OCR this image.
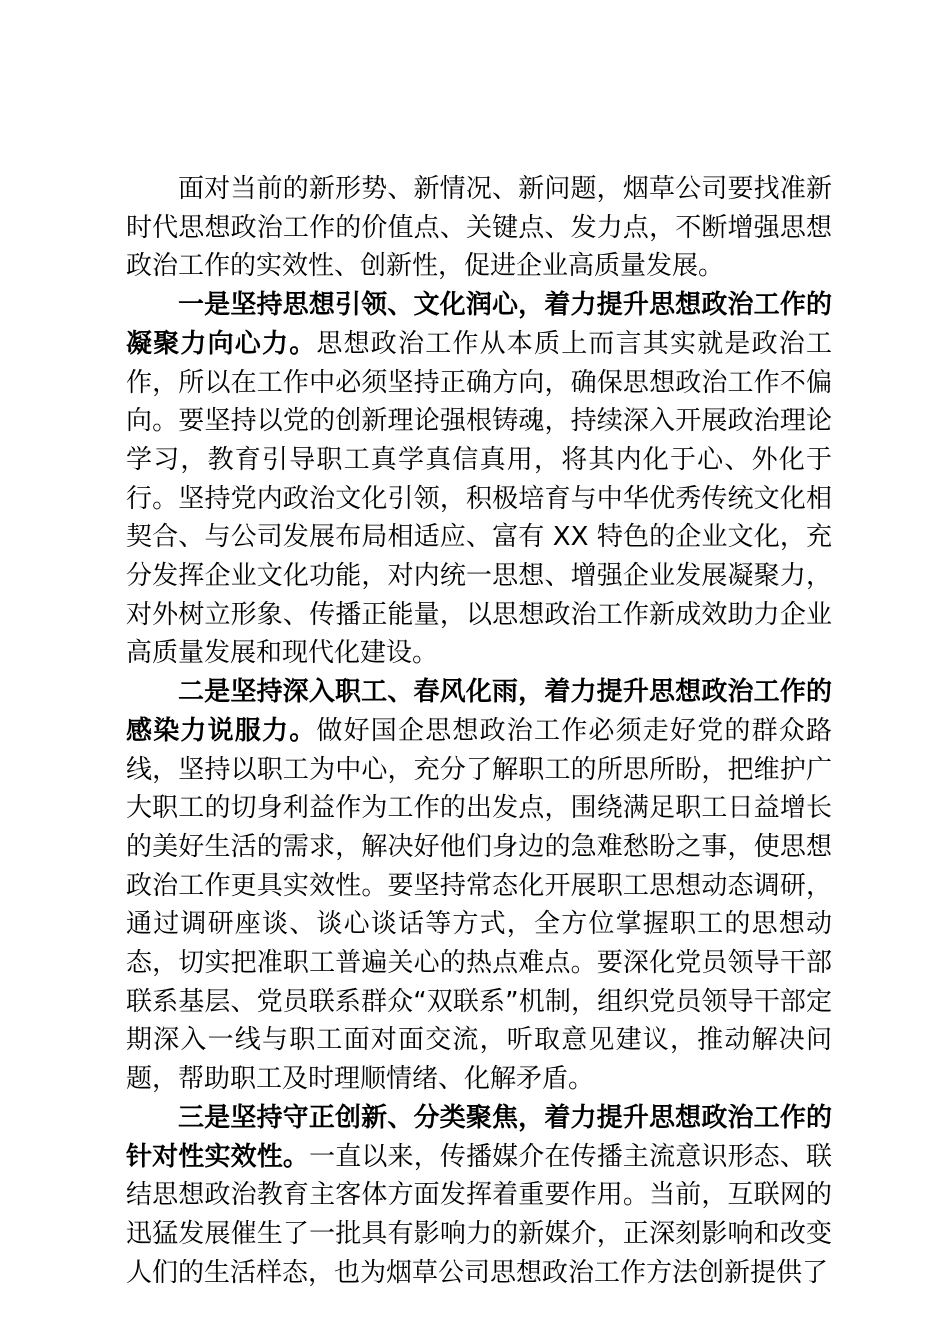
面对当前的新形势、新情况、新问题，烟草公司要找准新时代思想政治工作的价值点、关键点、发力点，不断增强思想政治工作的实效性、创新性，促进企业高质量发展。

一是坚持思想引领、文化润心，着力提升思想政治工作的凝聚力向心力。思想政治工作从本质上而言其实就是政治工作，所以在工作中必须坚持正确方向，确保思想政治工作不偏向。要坚持以党的创新理论强根铸魂，持续深入开展政治理论学习，教育引导职工真学真信真用，将其内化于心、外化于行。坚持党内政治文化引领，积极培育与中华优秀传统文化相契合、与公司发展布局相适应、富有 XX 特色的企业文化，充分发挥企业文化功能，对内统一思想、增强企业发展凝聚力，对外树立形象、传播正能量，以思想政治工作新成效助力企业高质量发展和现代化建设。

二是坚持深入职工、春风化雨，着力提升思想政治工作的感染力说服力。做好国企思想政治工作必须走好党的群众路线，坚持以职工为中心，充分了解职工的所思所盼，把维护广大职工的切身利益作为工作的出发点，围绕满足职工日益增长的美好生活的需求，解决好他们身边的急难愁盼之事，使思想政治工作更具实效性。要坚持常态化开展职工思想动态调研，通过调研座谈、谈心谈话等方式，全方位掌握职工的思想动态，切实把准职工普遍关心的热点难点。要深化党员领导干部联系基层、党员联系群众“双联系”机制，组织党员领导干部定期深入一线与职工面对面交流，听取意见建议，推动解决问题，帮助职工及时理顺情绪、化解矛盾。

三是坚持守正创新、分类聚焦，着力提升思想政治工作的针对性实效性。一直以来，传播媒介在传播主流意识形态、联结思想政治教育主客体方面发挥着重要作用。当前，互联网的迅猛发展催生了一批具有影响力的新媒介，正深刻影响和改变人们的生活样态，也为烟草公司思想政治工作方法创新提供了
